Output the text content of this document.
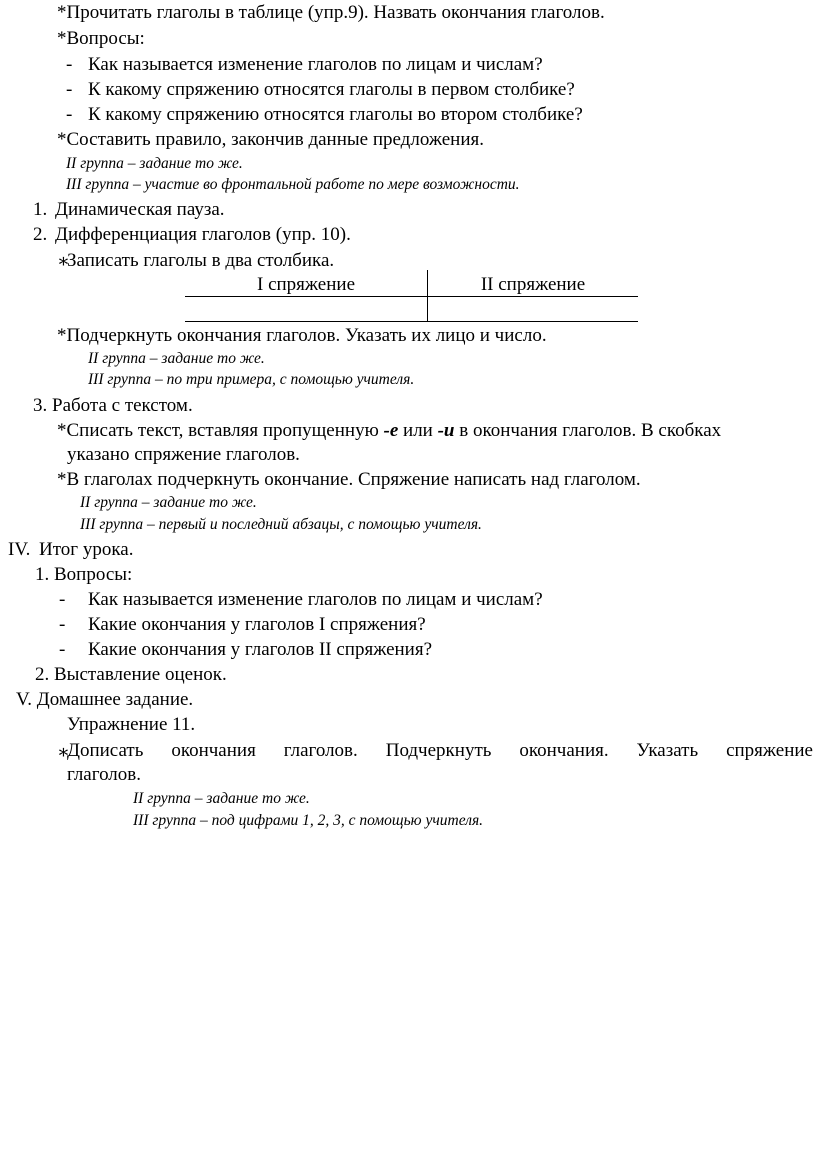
*Прочитать глаголы в таблице (упр.9). Назвать окончания глаголов.
*Вопросы:
- Как называется изменение глаголов по лицам и числам?
- К какому спряжению относятся глаголы в первом столбике?
- К какому спряжению относятся глаголы во втором столбике?
*Составить правило, закончив данные предложения.
II группа – задание то же.
III группа – участие во фронтальной работе по мере возможности.
1. Динамическая пауза.
2. Дифференциация глаголов (упр. 10).
∗
Записать глаголы в два столбика.
I спряжение	II спряжение
*Подчеркнуть окончания глаголов. Указать их лицо и число.
II группа – задание то же.
III группа – по три примера, с помощью учителя.
3. Работа с текстом.
*Списать текст, вставляя пропущенную -е или -и в окончания глаголов. В скобках
указано спряжение глаголов.
*В глаголах подчеркнуть окончание. Спряжение написать над глаголом.
II группа – задание то же.
III группа – первый и последний абзацы, с помощью учителя.
IV. Итог урока.
1. Вопросы:
- Как называется изменение глаголов по лицам и числам?
- Какие окончания у глаголов I спряжения?
- Какие окончания у глаголов II спряжения?
2. Выставление оценок.
V. Домашнее задание.
Упражнение 11.
∗
Дописать окончания глаголов. Подчеркнуть окончания. Указать спряжение
глаголов.
II группа – задание то же.
III группа – под цифрами 1, 2, 3, с помощью учителя.
